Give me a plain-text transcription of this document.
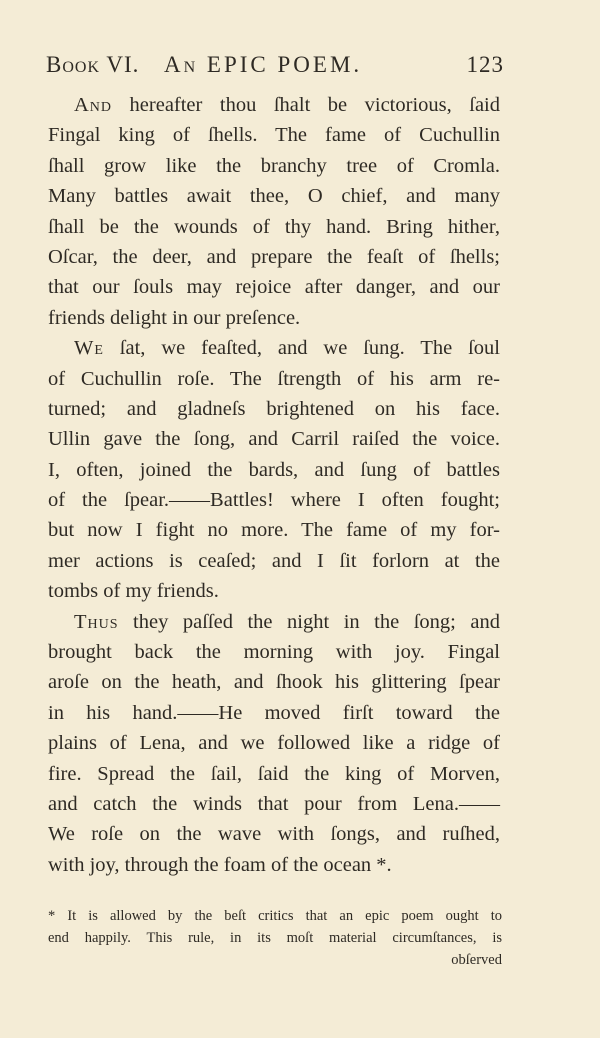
Book VI. An EPIC POEM.	123
And hereafter thou ſhalt be victorious, ſaid
Fingal king of ſhells. The fame of Cuchullin
ſhall grow like the branchy tree of Cromla.
Many battles await thee, O chief, and many
ſhall be the wounds of thy hand. Bring hither,
Oſcar, the deer, and prepare the feaſt of ſhells;
that our ſouls may rejoice after danger, and our
friends delight in our preſence.
We ſat, we feaſted, and we ſung. The ſoul
of Cuchullin roſe. The ſtrength of his arm re-
turned; and gladneſs brightened on his face.
Ullin gave the ſong, and Carril raiſed the voice.
I, often, joined the bards, and ſung of battles
of the ſpear.——Battles! where I often fought;
but now I fight no more. The fame of my for-
mer actions is ceaſed; and I ſit forlorn at the
tombs of my friends.
Thus they paſſed the night in the ſong; and
brought back the morning with joy. Fingal
aroſe on the heath, and ſhook his glittering ſpear
in his hand.——He moved firſt toward the
plains of Lena, and we followed like a ridge of
fire. Spread the ſail, ſaid the king of Morven,
and catch the winds that pour from Lena.——
We roſe on the wave with ſongs, and ruſhed,
with joy, through the foam of the ocean *.
* It is allowed by the beſt critics that an epic poem ought to
end happily. This rule, in its moſt material circumſtances, is
obſerved
